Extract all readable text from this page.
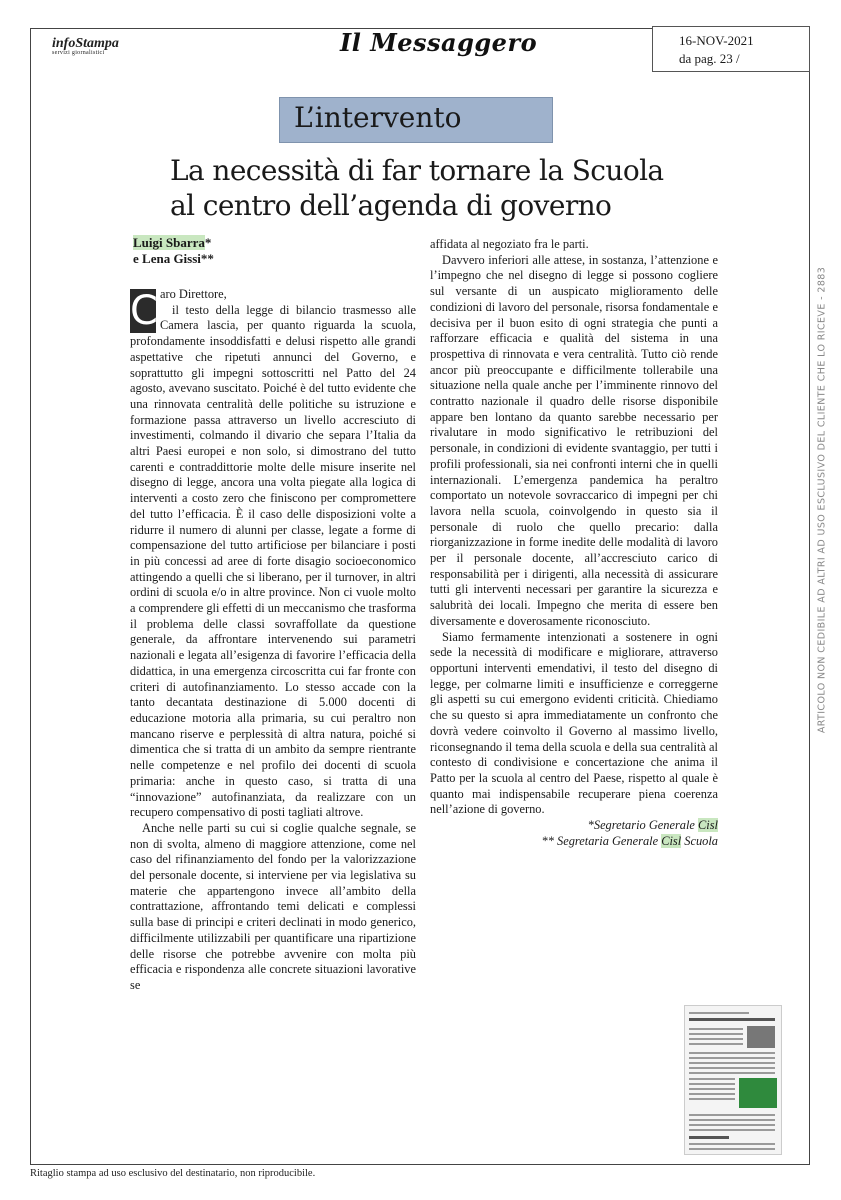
infoStampa
servizi giornalistici	Il Messaggero	16-NOV-2021
da pag. 23 /
L’intervento
La necessità di far tornare la Scuola
al centro dell’agenda di governo
Luigi Sbarra*
e Lena Gissi**
C aro Direttore,

il testo della legge di bilancio trasmesso alle Camera lascia, per quanto riguarda la scuola, profondamente insoddisfatti e delusi rispetto alle grandi aspettative che ripetuti annunci del Governo, e soprattutto gli impegni sottoscritti nel Patto del 24 agosto, avevano suscitato. Poiché è del tutto evidente che una rinnovata centralità delle politiche su istruzione e formazione passa attraverso un livello accresciuto di investimenti, colmando il divario che separa l’Italia da altri Paesi europei e non solo, si dimostrano del tutto carenti e contraddittorie molte delle misure inserite nel disegno di legge, ancora una volta piegate alla logica di interventi a costo zero che finiscono per compromettere del tutto l’efficacia. È il caso delle disposizioni volte a ridurre il numero di alunni per classe, legate a forme di compensazione del tutto artificiose per bilanciare i posti in più concessi ad aree di forte disagio socioeconomico attingendo a quelli che si liberano, per il turnover, in altri ordini di scuola e/o in altre province. Non ci vuole molto a comprendere gli effetti di un meccanismo che trasforma il problema delle classi sovraffollate da questione generale, da affrontare intervenendo sui parametri nazionali e legata all’esigenza di favorire l’efficacia della didattica, in una emergenza circoscritta cui far fronte con criteri di autofinanziamento. Lo stesso accade con la tanto decantata destinazione di 5.000 docenti di educazione motoria alla primaria, su cui peraltro non mancano riserve e perplessità di altra natura, poiché si dimentica che si tratta di un ambito da sempre rientrante nelle competenze e nel profilo dei docenti di scuola primaria: anche in questo caso, si tratta di una “innovazione” autofinanziata, da realizzare con un recupero compensativo di posti tagliati altrove.

Anche nelle parti su cui si coglie qualche segnale, se non di svolta, almeno di maggiore attenzione, come nel caso del rifinanziamento del fondo per la valorizzazione del personale docente, si interviene per via legislativa su materie che appartengono invece all’ambito della contrattazione, affrontando temi delicati e complessi sulla base di principi e criteri declinati in modo generico, difficilmente utilizzabili per quantificare una ripartizione delle risorse che potrebbe avvenire con molta più efficacia e rispondenza alle concrete situazioni lavorative se

affidata al negoziato fra le parti.

Davvero inferiori alle attese, in sostanza, l’attenzione e l’impegno che nel disegno di legge si possono cogliere sul versante di un auspicato miglioramento delle condizioni di lavoro del personale, risorsa fondamentale e decisiva per il buon esito di ogni strategia che punti a rafforzare efficacia e qualità del sistema in una prospettiva di rinnovata e vera centralità. Tutto ciò rende ancor più preoccupante e difficilmente tollerabile una situazione nella quale anche per l’imminente rinnovo del contratto nazionale il quadro delle risorse disponibile appare ben lontano da quanto sarebbe necessario per rivalutare in modo significativo le retribuzioni del personale, in condizioni di evidente svantaggio, per tutti i profili professionali, sia nei confronti interni che in quelli internazionali. L’emergenza pandemica ha peraltro comportato un notevole sovraccarico di impegni per chi lavora nella scuola, coinvolgendo in questo sia il personale di ruolo che quello precario: dalla riorganizzazione in forme inedite delle modalità di lavoro per il personale docente, all’accresciuto carico di responsabilità per i dirigenti, alla necessità di assicurare tutti gli interventi necessari per garantire la sicurezza e salubrità dei locali. Impegno che merita di essere ben diversamente e doverosamente riconosciuto.

Siamo fermamente intenzionati a sostenere in ogni sede la necessità di modificare e migliorare, attraverso opportuni interventi emendativi, il testo del disegno di legge, per colmarne limiti e insufficienze e correggerne gli aspetti su cui emergono evidenti criticità. Chiediamo che su questo si apra immediatamente un confronto che dovrà vedere coinvolto il Governo al massimo livello, riconsegnando il tema della scuola e della sua centralità al contesto di condivisione e concertazione che anima il Patto per la scuola al centro del Paese, rispetto al quale è quanto mai indispensabile recuperare piena coerenza nell’azione di governo.

*Segretario Generale Cisl
** Segretaria Generale Cisl Scuola
ARTICOLO NON CEDIBILE AD ALTRI AD USO ESCLUSIVO DEL CLIENTE CHE LO RICEVE - 2883
Ritaglio stampa ad uso esclusivo del destinatario, non riproducibile.
